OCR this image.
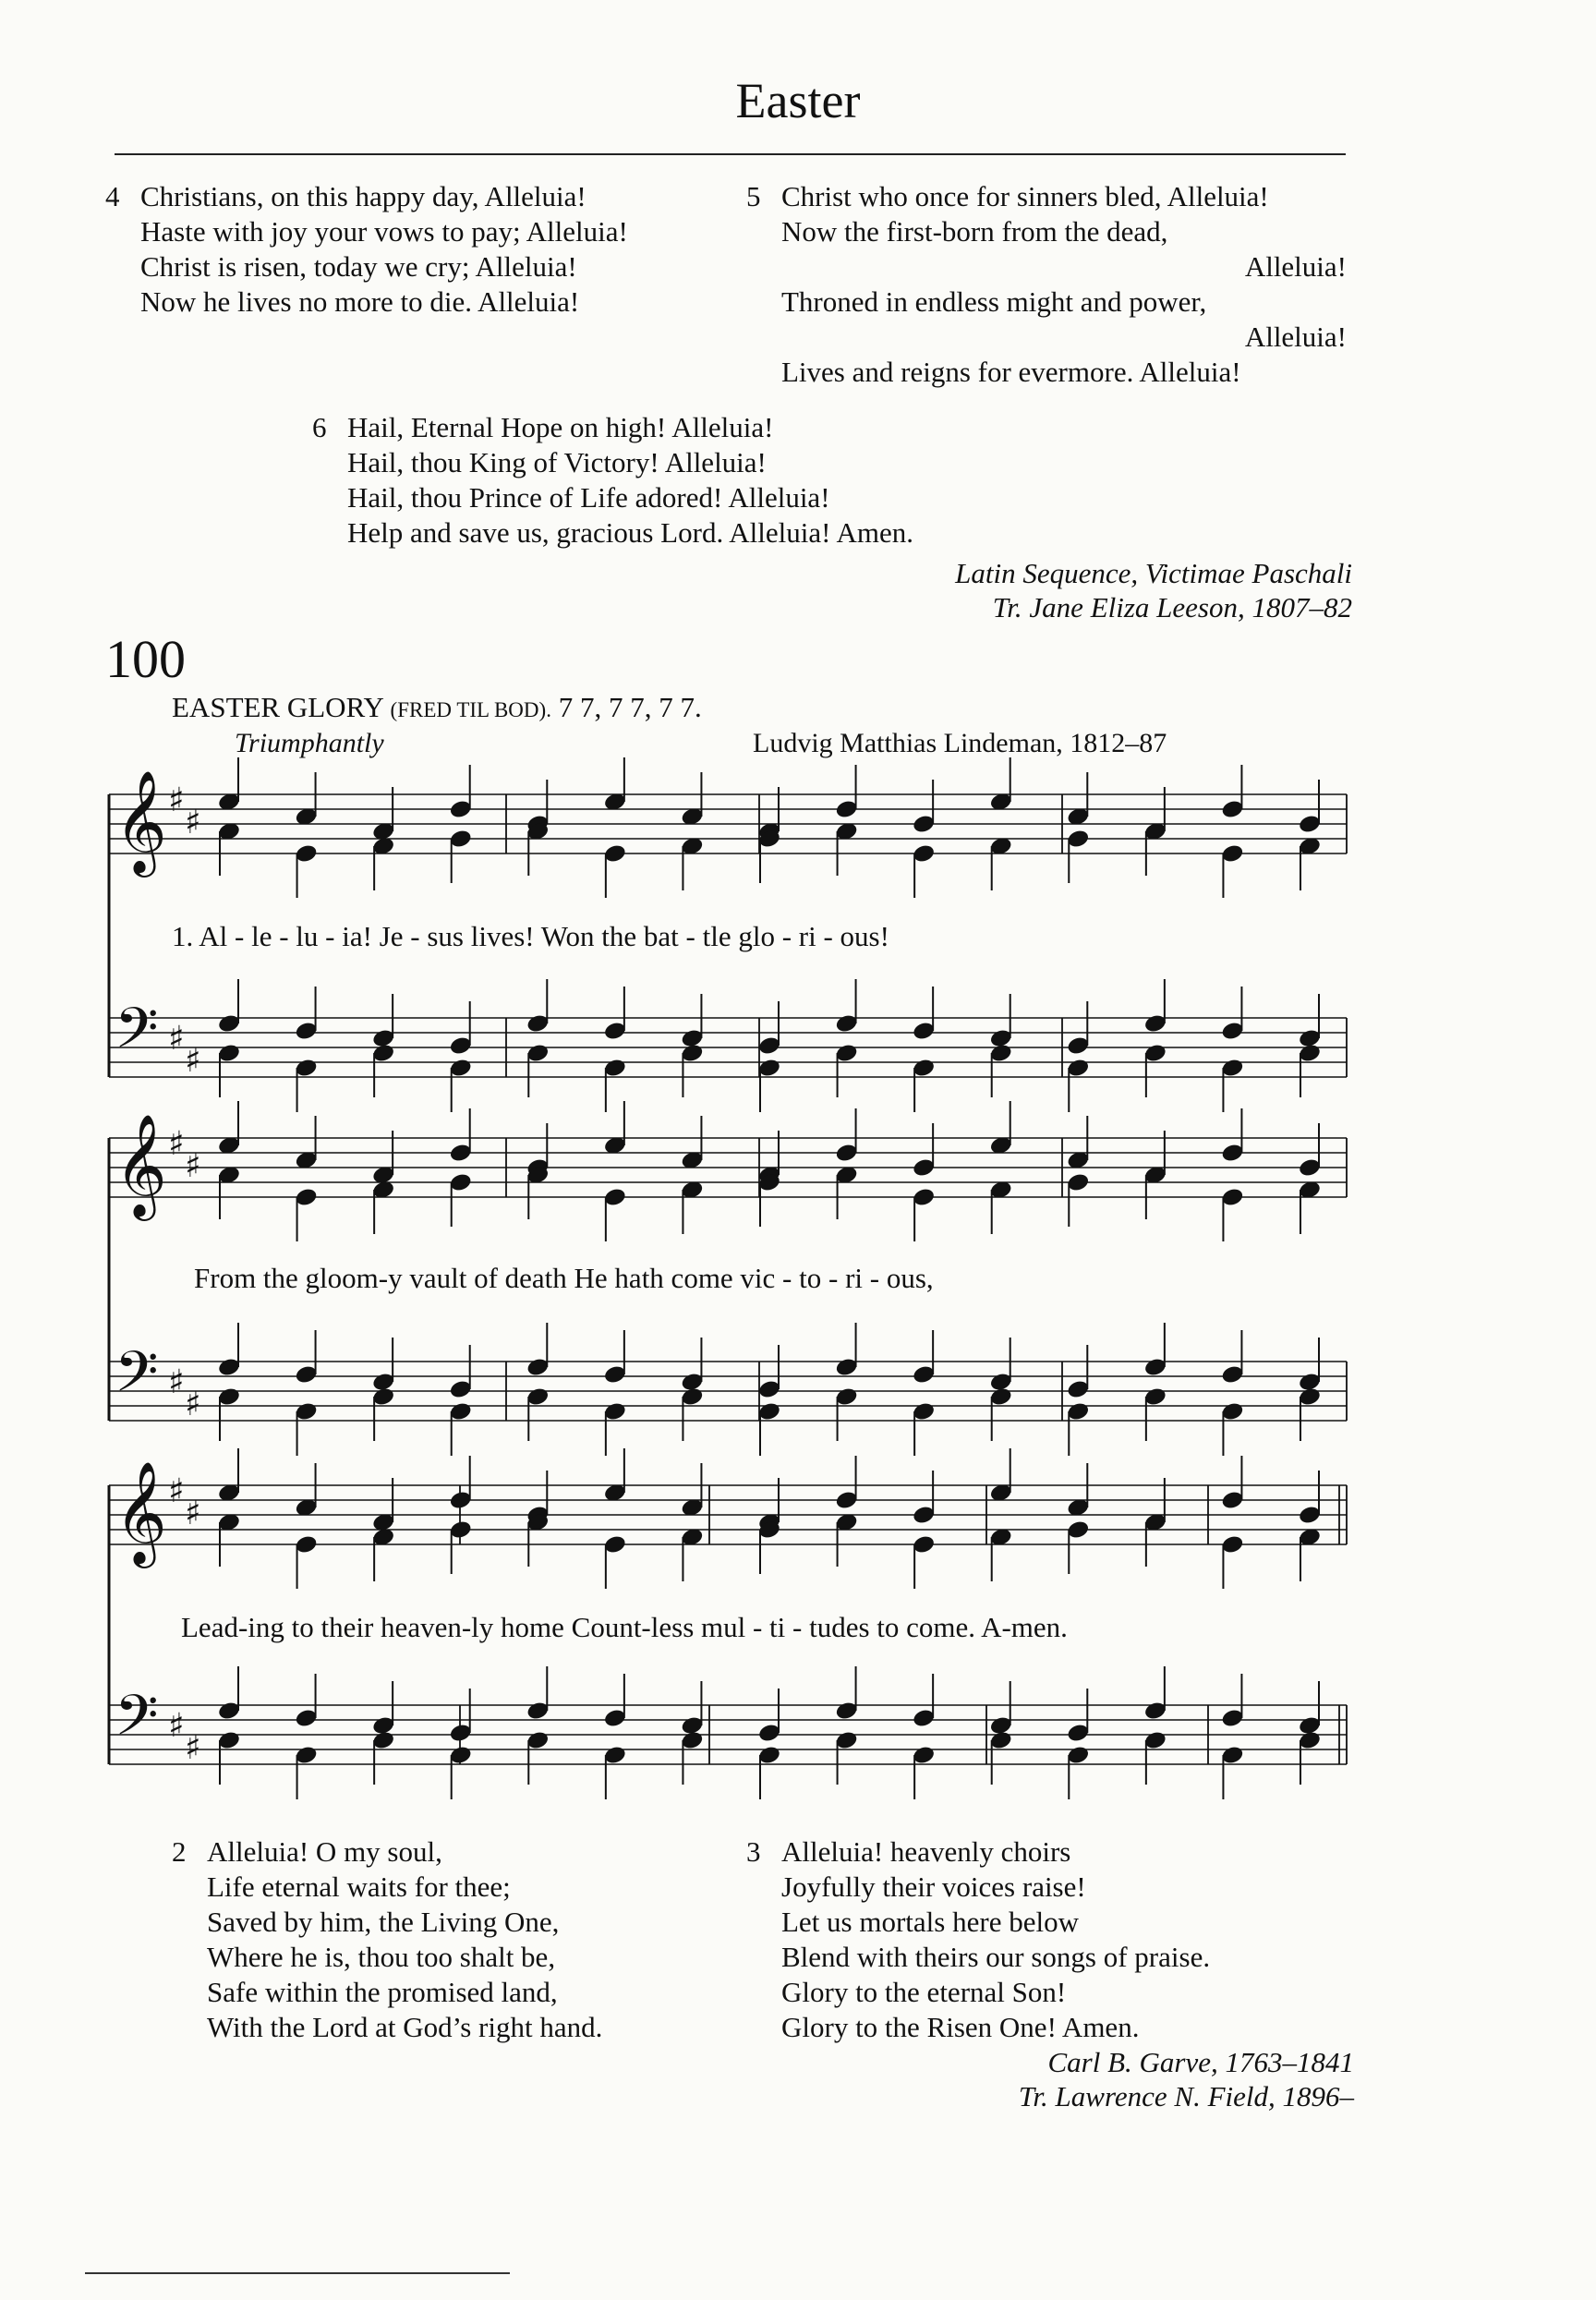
Easter
4 Christians, on this happy day, Alleluia!
Haste with joy your vows to pay; Alleluia!
Christ is risen, today we cry; Alleluia!
Now he lives no more to die. Alleluia!
5 Christ who once for sinners bled, Alleluia!
Now the first-born from the dead,
Alleluia!
Throned in endless might and power,
Alleluia!
Lives and reigns for evermore. Alleluia!
6 Hail, Eternal Hope on high! Alleluia!
Hail, thou King of Victory! Alleluia!
Hail, thou Prince of Life adored! Alleluia!
Help and save us, gracious Lord. Alleluia! Amen.
Latin Sequence, Victimae Paschali
Tr. Jane Eliza Leeson, 1807–82
100
EASTER GLORY (FRED TIL BOD). 7 7, 7 7, 7 7.
Triumphantly	Ludvig Matthias Lindeman, 1812–87
𝄞 ♯
♯
𝄢 ♯
♯
𝄞 ♯
♯
𝄢 ♯
♯
𝄞 ♯
♯
𝄢 ♯
♯
1. Al - le - lu - ia! Je - sus lives! Won the bat - tle glo - ri - ous!
From the gloom-y vault of death He hath come vic - to - ri - ous,
Lead-ing to their heaven-ly home Count-less mul - ti - tudes to come. A-men.
2 Alleluia! O my soul,
Life eternal waits for thee;
Saved by him, the Living One,
Where he is, thou too shalt be,
Safe within the promised land,
With the Lord at God’s right hand.
3 Alleluia! heavenly choirs
Joyfully their voices raise!
Let us mortals here below
Blend with theirs our songs of praise.
Glory to the eternal Son!
Glory to the Risen One! Amen.
Carl B. Garve, 1763–1841
Tr. Lawrence N. Field, 1896–
